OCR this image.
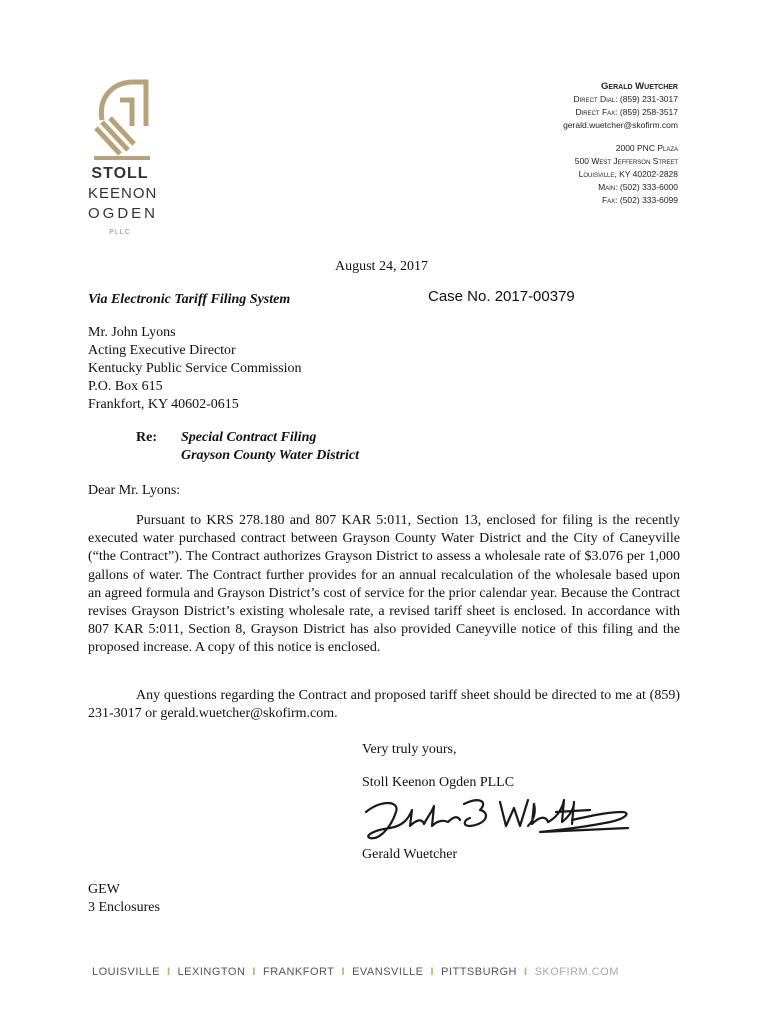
STOLL
KEENON
OGDEN
PLLC
Gerald Wuetcher
Direct Dial: (859) 231-3017
Direct Fax: (859) 258-3517
gerald.wuetcher@skofirm.com
2000 PNC Plaza
500 West Jefferson Street
Louisville, KY 40202-2828
Main: (502) 333-6000
Fax: (502) 333-6099
August 24, 2017
Case No. 2017-00379
Via Electronic Tariff Filing System
Mr. John Lyons
Acting Executive Director
Kentucky Public Service Commission
P.O. Box 615
Frankfort, KY 40602-0615
Re: Special Contract Filing
Grayson County Water District
Dear Mr. Lyons:
Pursuant to KRS 278.180 and 807 KAR 5:011, Section 13, enclosed for filing is the recently executed water purchased contract between Grayson County Water District and the City of Caneyville (“the Contract”). The Contract authorizes Grayson District to assess a wholesale rate of $3.076 per 1,000 gallons of water. The Contract further provides for an annual recalculation of the wholesale based upon an agreed formula and Grayson District’s cost of service for the prior calendar year. Because the Contract revises Grayson District’s existing wholesale rate, a revised tariff sheet is enclosed. In accordance with 807 KAR 5:011, Section 8, Grayson District has also provided Caneyville notice of this filing and the proposed increase. A copy of this notice is enclosed.
Any questions regarding the Contract and proposed tariff sheet should be directed to me at (859) 231-3017 or gerald.wuetcher@skofirm.com.
Very truly yours,
Stoll Keenon Ogden PLLC
Gerald Wuetcher
GEW
3 Enclosures
LOUISVILLE I LEXINGTON I FRANKFORT I EVANSVILLE I PITTSBURGH I SKOFIRM.COM
